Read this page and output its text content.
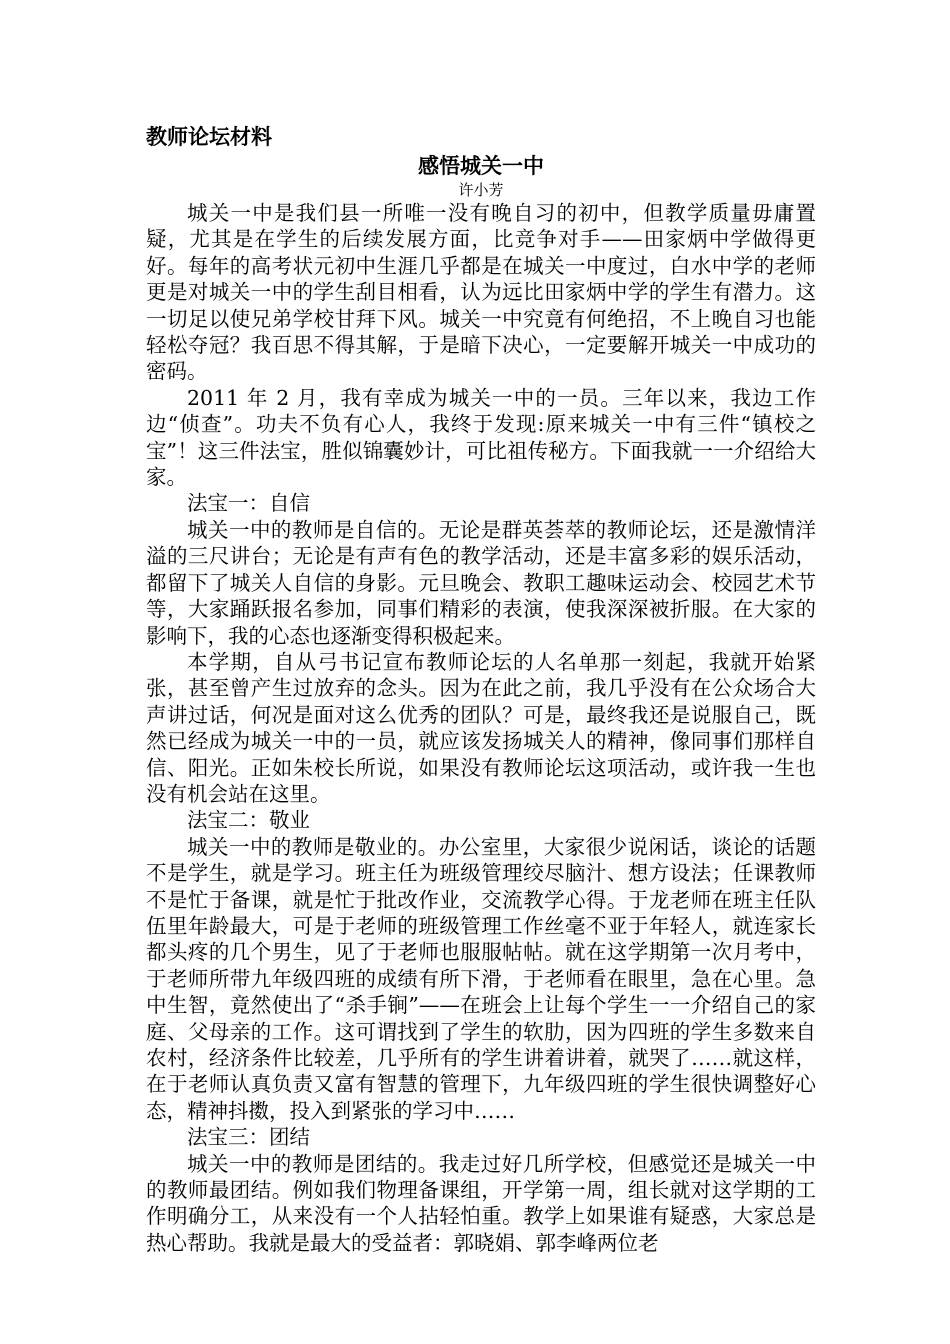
教师论坛材料

感悟城关一中

许小芳

城关一中是我们县一所唯一没有晚自习的初中，但教学质量毋庸置疑，尤其是在学生的后续发展方面，比竞争对手——田家炳中学做得更好。每年的高考状元初中生涯几乎都是在城关一中度过，白水中学的老师更是对城关一中的学生刮目相看，认为远比田家炳中学的学生有潜力。这一切足以使兄弟学校甘拜下风。城关一中究竟有何绝招，不上晚自习也能轻松夺冠？我百思不得其解，于是暗下决心，一定要解开城关一中成功的密码。

2011 年 2 月，我有幸成为城关一中的一员。三年以来，我边工作边“侦查”。功夫不负有心人，我终于发现:原来城关一中有三件“镇校之宝”！这三件法宝，胜似锦囊妙计，可比祖传秘方。下面我就一一介绍给大家。

法宝一：自信

城关一中的教师是自信的。无论是群英荟萃的教师论坛，还是激情洋溢的三尺讲台；无论是有声有色的教学活动，还是丰富多彩的娱乐活动，都留下了城关人自信的身影。元旦晚会、教职工趣味运动会、校园艺术节等，大家踊跃报名参加，同事们精彩的表演，使我深深被折服。在大家的影响下，我的心态也逐渐变得积极起来。

本学期，自从弓书记宣布教师论坛的人名单那一刻起，我就开始紧张，甚至曾产生过放弃的念头。因为在此之前，我几乎没有在公众场合大声讲过话，何况是面对这么优秀的团队？可是，最终我还是说服自己，既然已经成为城关一中的一员，就应该发扬城关人的精神，像同事们那样自信、阳光。正如朱校长所说，如果没有教师论坛这项活动，或许我一生也没有机会站在这里。

法宝二：敬业

城关一中的教师是敬业的。办公室里，大家很少说闲话，谈论的话题不是学生，就是学习。班主任为班级管理绞尽脑汁、想方设法；任课教师不是忙于备课，就是忙于批改作业，交流教学心得。于龙老师在班主任队伍里年龄最大，可是于老师的班级管理工作丝毫不亚于年轻人，就连家长都头疼的几个男生，见了于老师也服服帖帖。就在这学期第一次月考中，于老师所带九年级四班的成绩有所下滑，于老师看在眼里，急在心里。急中生智，竟然使出了“杀手锏”——在班会上让每个学生一一介绍自己的家庭、父母亲的工作。这可谓找到了学生的软肋，因为四班的学生多数来自农村，经济条件比较差，几乎所有的学生讲着讲着，就哭了‥‥‥就这样，在于老师认真负责又富有智慧的管理下，九年级四班的学生很快调整好心态，精神抖擞，投入到紧张的学习中‥‥‥

法宝三：团结

城关一中的教师是团结的。我走过好几所学校，但感觉还是城关一中的教师最团结。例如我们物理备课组，开学第一周，组长就对这学期的工作明确分工，从来没有一个人拈轻怕重。教学上如果谁有疑惑，大家总是热心帮助。我就是最大的受益者：郭晓娟、郭李峰两位老
